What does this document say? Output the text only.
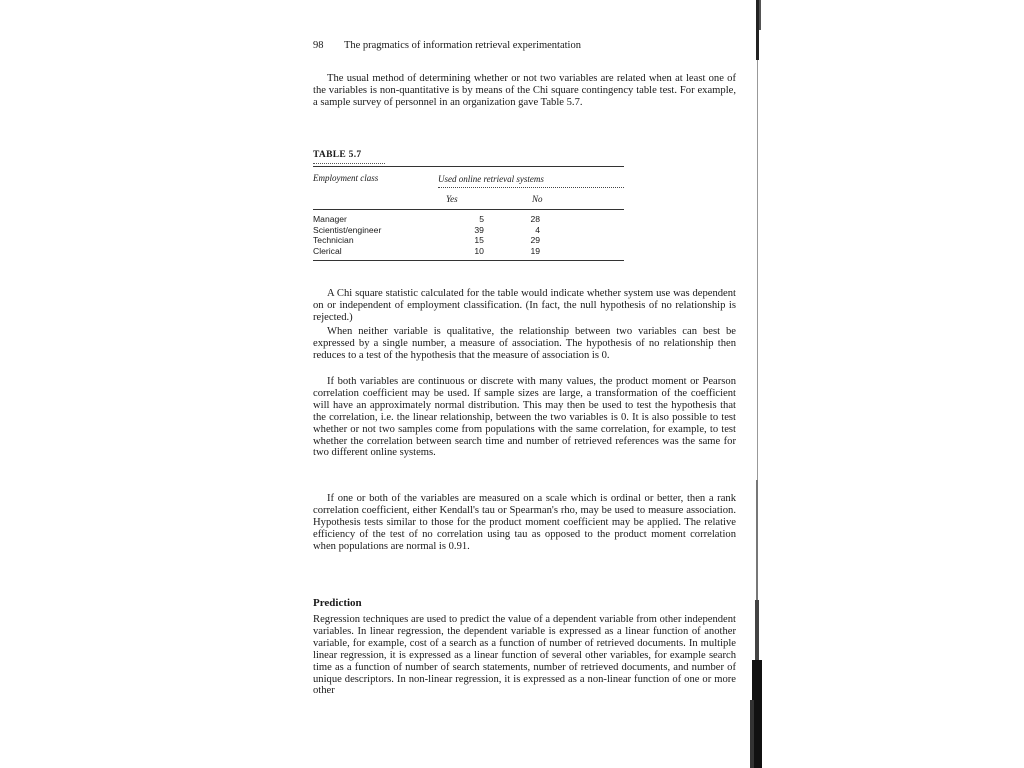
98 The pragmatics of information retrieval experimentation

The usual method of determining whether or not two variables are related when at least one of the variables is non-quantitative is by means of the Chi square contingency table test. For example, a sample survey of personnel in an organization gave Table 5.7.

TABLE 5.7
Employment class	Used online retrieval systems
Yes	No
Manager	5	28
Scientist/engineer	39	4
Technician	15	29
Clerical	10	19

A Chi square statistic calculated for the table would indicate whether system use was dependent on or independent of employment classification. (In fact, the null hypothesis of no relationship is rejected.)

When neither variable is qualitative, the relationship between two variables can best be expressed by a single number, a measure of association. The hypothesis of no relationship then reduces to a test of the hypothesis that the measure of association is 0.

If both variables are continuous or discrete with many values, the product moment or Pearson correlation coefficient may be used. If sample sizes are large, a transformation of the coefficient will have an approximately normal distribution. This may then be used to test the hypothesis that the correlation, i.e. the linear relationship, between the two variables is 0. It is also possible to test whether or not two samples come from populations with the same correlation, for example, to test whether the correlation between search time and number of retrieved references was the same for two different online systems.

If one or both of the variables are measured on a scale which is ordinal or better, then a rank correlation coefficient, either Kendall's tau or Spearman's rho, may be used to measure association. Hypothesis tests similar to those for the product moment coefficient may be applied. The relative efficiency of the test of no correlation using tau as opposed to the product moment correlation when populations are normal is 0.91.

Prediction

Regression techniques are used to predict the value of a dependent variable from other independent variables. In linear regression, the dependent variable is expressed as a linear function of another variable, for example, cost of a search as a function of number of retrieved documents. In multiple linear regression, it is expressed as a linear function of several other variables, for example search time as a function of number of search statements, number of retrieved documents, and number of unique descriptors. In non-linear regression, it is expressed as a non-linear function of one or more other
